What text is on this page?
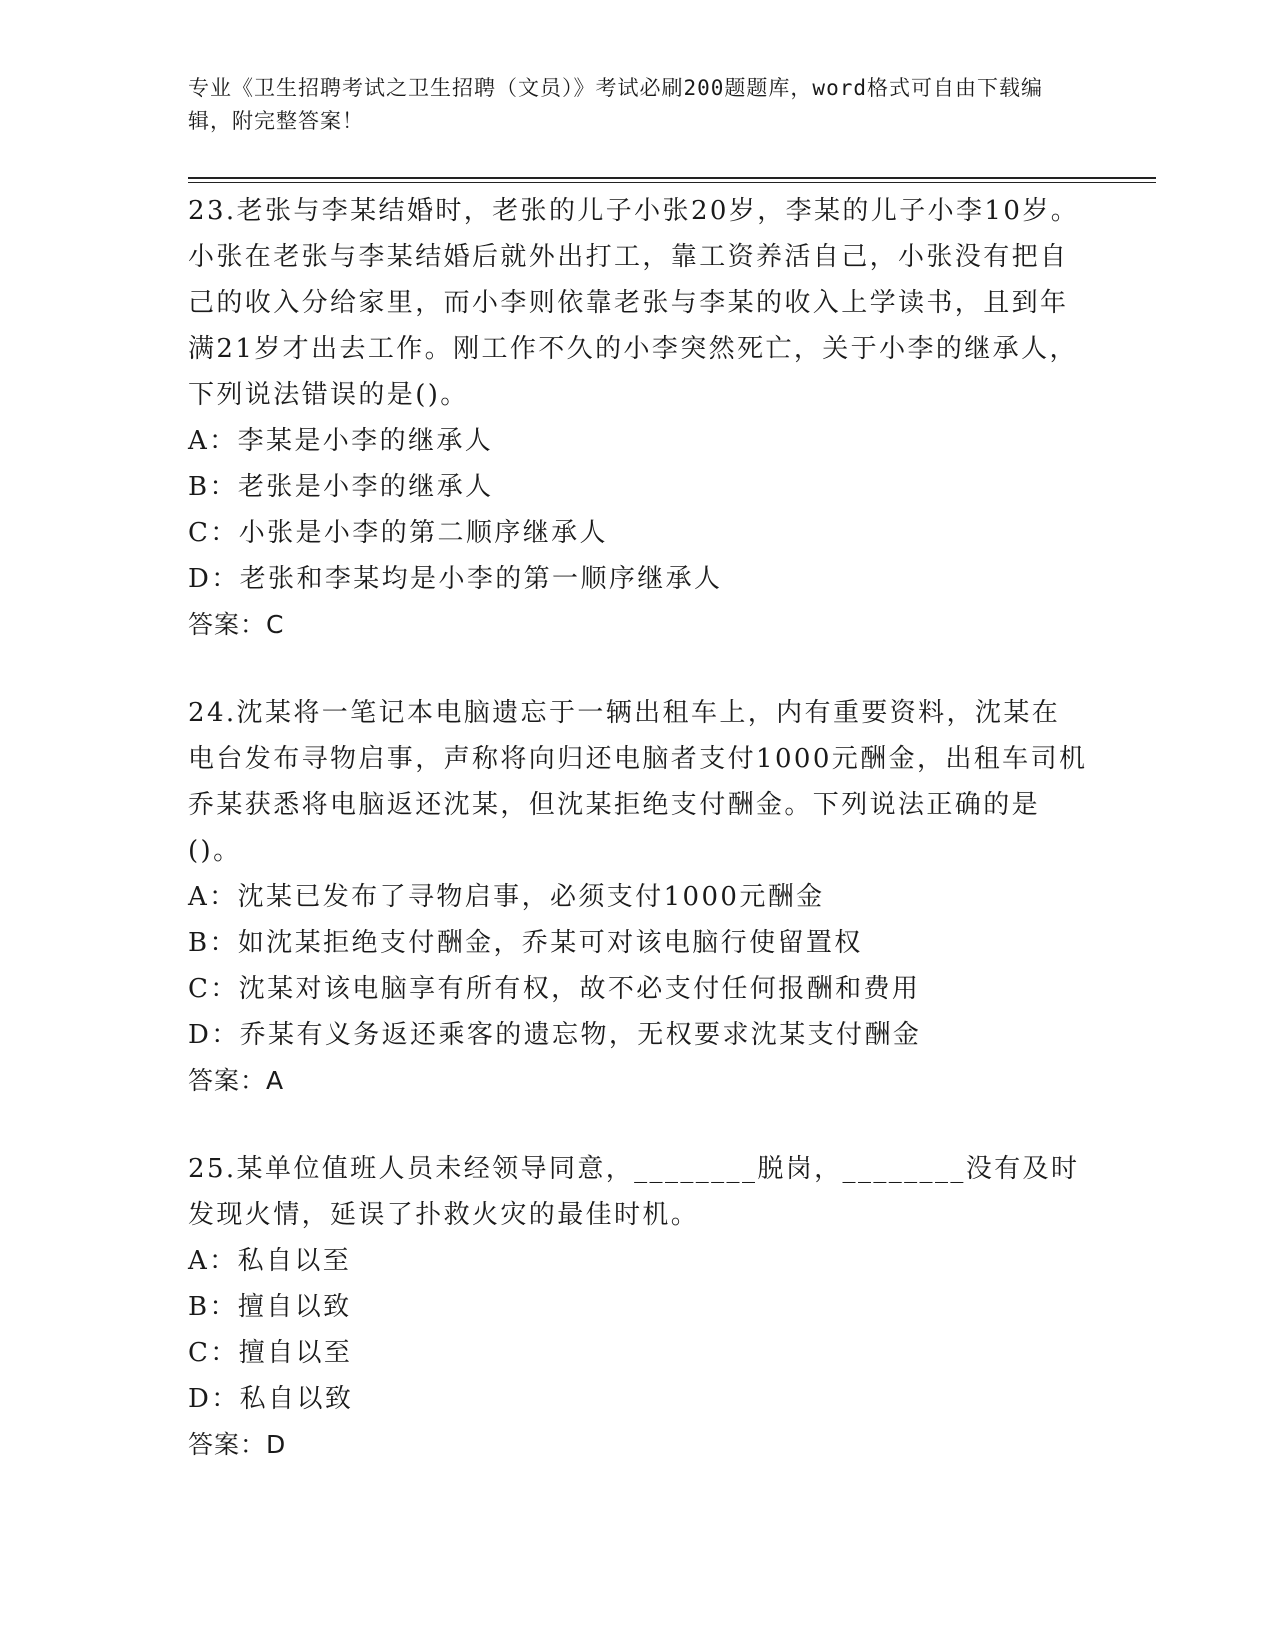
专业《卫生招聘考试之卫生招聘（文员）》考试必刷200题题库，word格式可自由下载编辑，附完整答案！
23.老张与李某结婚时，老张的儿子小张20岁，李某的儿子小李10岁。小张在老张与李某结婚后就外出打工，靠工资养活自己，小张没有把自己的收入分给家里，而小李则依靠老张与李某的收入上学读书，且到年满21岁才出去工作。刚工作不久的小李突然死亡，关于小李的继承人，下列说法错误的是()。
A：李某是小李的继承人
B：老张是小李的继承人
C：小张是小李的第二顺序继承人
D：老张和李某均是小李的第一顺序继承人
答案：C
24.沈某将一笔记本电脑遗忘于一辆出租车上，内有重要资料，沈某在电台发布寻物启事，声称将向归还电脑者支付1000元酬金，出租车司机乔某获悉将电脑返还沈某，但沈某拒绝支付酬金。下列说法正确的是()。
A：沈某已发布了寻物启事，必须支付1000元酬金
B：如沈某拒绝支付酬金，乔某可对该电脑行使留置权
C：沈某对该电脑享有所有权，故不必支付任何报酬和费用
D：乔某有义务返还乘客的遗忘物，无权要求沈某支付酬金
答案：A
25.某单位值班人员未经领导同意，________脱岗，________没有及时发现火情，延误了扑救火灾的最佳时机。
A：私自以至
B：擅自以致
C：擅自以至
D：私自以致
答案：D
